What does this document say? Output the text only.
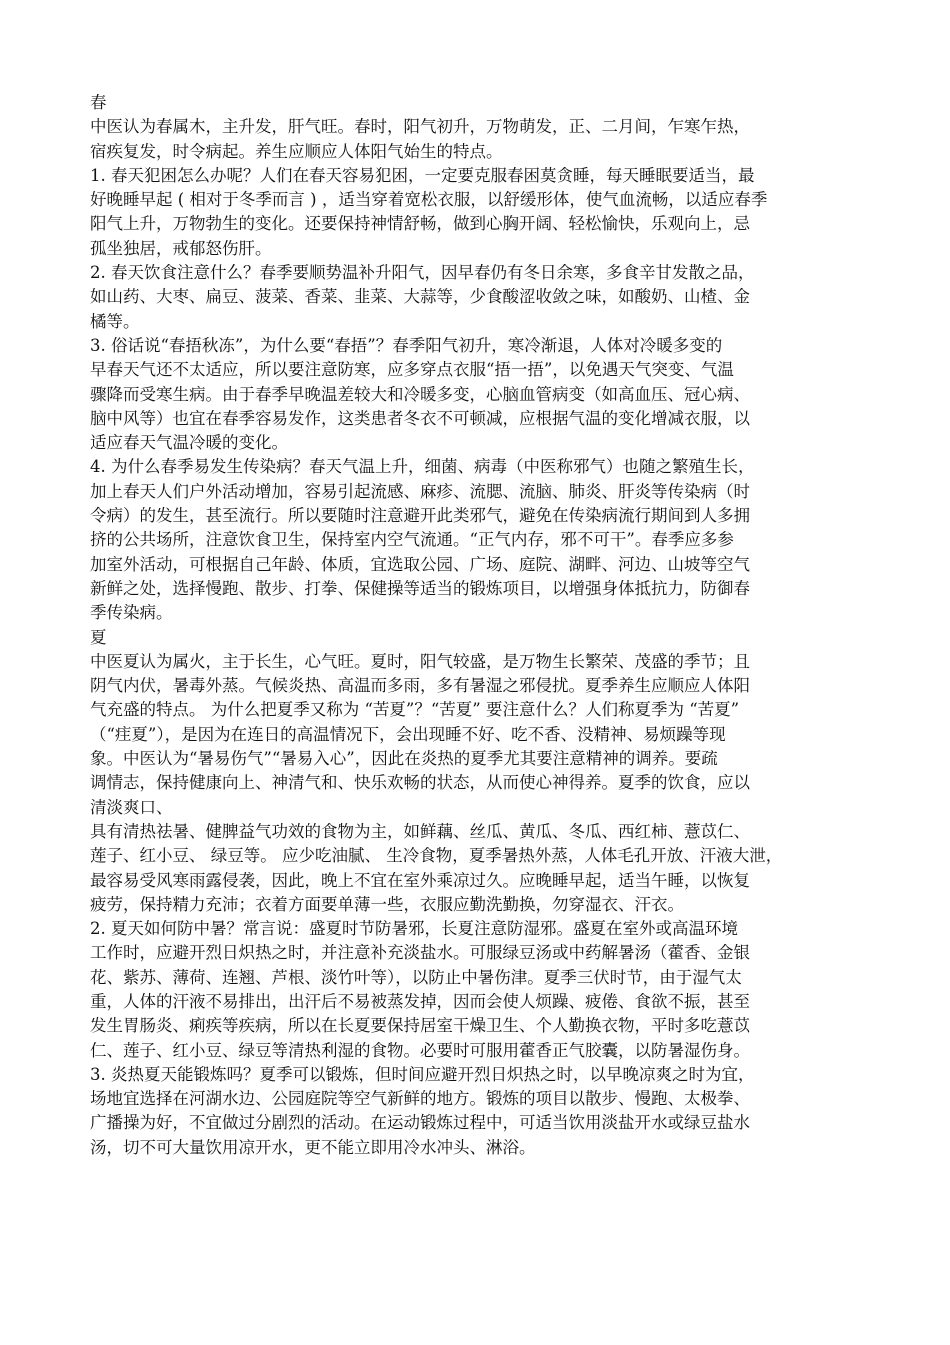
春
中医认为春属木，主升发，肝气旺。春时，阳气初升，万物萌发，正、二月间，乍寒乍热，
宿疾复发，时令病起。养生应顺应人体阳气始生的特点。
1. 春天犯困怎么办呢？人们在春天容易犯困，一定要克服春困莫贪睡，每天睡眠要适当，最
好晚睡早起 ( 相对于冬季而言 ) ，适当穿着宽松衣服，以舒缓形体，使气血流畅，以适应春季
阳气上升，万物勃生的变化。还要保持神情舒畅，做到心胸开阔、轻松愉快，乐观向上，忌
孤坐独居，戒郁怒伤肝。
2. 春天饮食注意什么？春季要顺势温补升阳气，因早春仍有冬日余寒，多食辛甘发散之品，
如山药、大枣、扁豆、菠菜、香菜、韭菜、大蒜等，少食酸涩收敛之味，如酸奶、山楂、金
橘等。
3. 俗话说“春捂秋冻”，为什么要“春捂”？春季阳气初升，寒冷渐退，人体对冷暖多变的
早春天气还不太适应，所以要注意防寒，应多穿点衣服“捂一捂”，以免遇天气突变、气温
骤降而受寒生病。由于春季早晚温差较大和冷暖多变，心脑血管病变（如高血压、冠心病、
脑中风等）也宜在春季容易发作，这类患者冬衣不可顿减，应根据气温的变化增减衣服，以
适应春天气温冷暖的变化。
4. 为什么春季易发生传染病？春天气温上升，细菌、病毒（中医称邪气）也随之繁殖生长，
加上春天人们户外活动增加，容易引起流感、麻疹、流腮、流脑、肺炎、肝炎等传染病（时
令病）的发生，甚至流行。所以要随时注意避开此类邪气，避免在传染病流行期间到人多拥
挤的公共场所，注意饮食卫生，保持室内空气流通。“正气内存，邪不可干”。春季应多参
加室外活动，可根据自己年龄、体质，宜选取公园、广场、庭院、湖畔、河边、山坡等空气
新鲜之处，选择慢跑、散步、打拳、保健操等适当的锻炼项目，以增强身体抵抗力，防御春
季传染病。
夏
中医夏认为属火，主于长生，心气旺。夏时，阳气较盛，是万物生长繁荣、茂盛的季节；且
阴气内伏，暑毒外蒸。气候炎热、高温而多雨，多有暑湿之邪侵扰。夏季养生应顺应人体阳
气充盛的特点。 为什么把夏季又称为 “苦夏”？“苦夏” 要注意什么？人们称夏季为 “苦夏”
（“疰夏”），是因为在连日的高温情况下，会出现睡不好、吃不香、没精神、易烦躁等现
象。中医认为“暑易伤气”“暑易入心”，因此在炎热的夏季尤其要注意精神的调养。要疏
调情志，保持健康向上、神清气和、快乐欢畅的状态，从而使心神得养。夏季的饮食，应以
清淡爽口、
具有清热祛暑、健脾益气功效的食物为主，如鲜藕、丝瓜、黄瓜、冬瓜、西红柿、薏苡仁、
莲子、红小豆、 绿豆等。 应少吃油腻、 生冷食物，夏季暑热外蒸，人体毛孔开放、汗液大泄，
最容易受风寒雨露侵袭，因此，晚上不宜在室外乘凉过久。应晚睡早起，适当午睡，以恢复
疲劳，保持精力充沛；衣着方面要单薄一些，衣服应勤洗勤换，勿穿湿衣、汗衣。
2. 夏天如何防中暑？常言说：盛夏时节防暑邪，长夏注意防湿邪。盛夏在室外或高温环境
工作时，应避开烈日炽热之时，并注意补充淡盐水。可服绿豆汤或中药解暑汤（藿香、金银
花、紫苏、薄荷、连翘、芦根、淡竹叶等），以防止中暑伤津。夏季三伏时节，由于湿气太
重，人体的汗液不易排出，出汗后不易被蒸发掉，因而会使人烦躁、疲倦、食欲不振，甚至
发生胃肠炎、痢疾等疾病，所以在长夏要保持居室干燥卫生、个人勤换衣物，平时多吃薏苡
仁、莲子、红小豆、绿豆等清热利湿的食物。必要时可服用藿香正气胶囊，以防暑湿伤身。
3. 炎热夏天能锻炼吗？夏季可以锻炼，但时间应避开烈日炽热之时，以早晚凉爽之时为宜，
场地宜选择在河湖水边、公园庭院等空气新鲜的地方。锻炼的项目以散步、慢跑、太极拳、
广播操为好，不宜做过分剧烈的活动。在运动锻炼过程中，可适当饮用淡盐开水或绿豆盐水
汤，切不可大量饮用凉开水，更不能立即用冷水冲头、淋浴。
